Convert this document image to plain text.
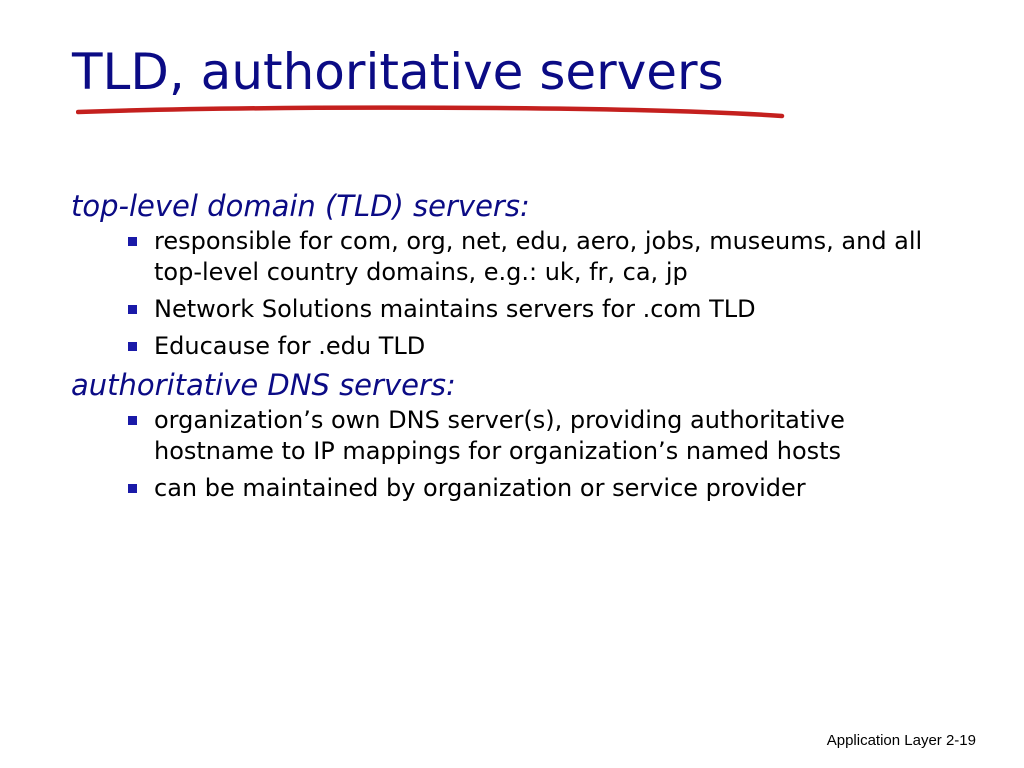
TLD, authoritative servers

top-level domain (TLD) servers:

responsible for com, org, net, edu, aero, jobs, museums, and all top-level country domains, e.g.: uk, fr, ca, jp
Network Solutions maintains servers for .com TLD
Educause for .edu TLD

authoritative DNS servers:

organization’s own DNS server(s), providing authoritative hostname to IP mappings for organization’s named hosts
can be maintained by organization or service provider
Application Layer 2-19
